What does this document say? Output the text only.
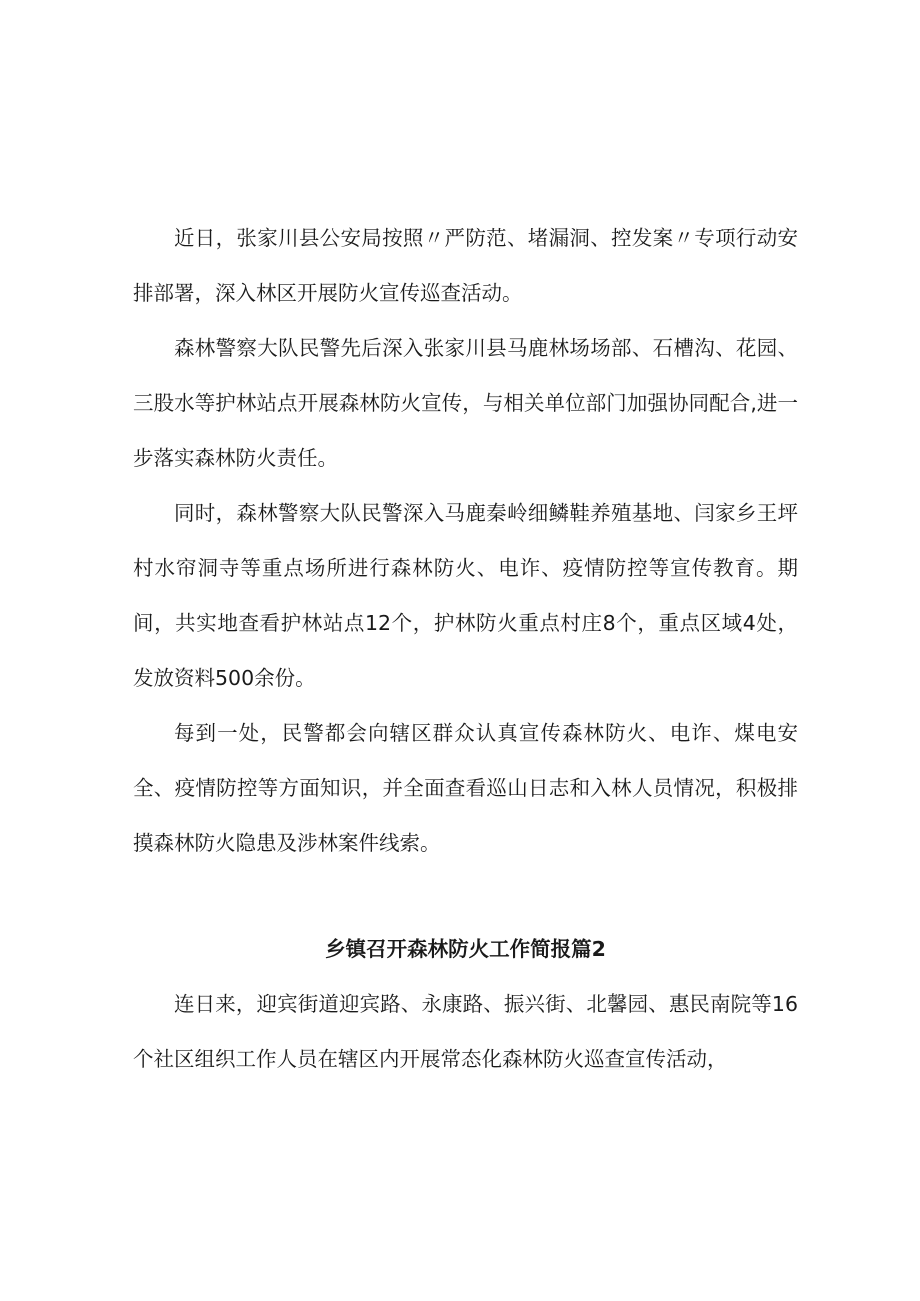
近日，张家川县公安局按照〃严防范、堵漏洞、控发案〃专项行动安排部署，深入林区开展防火宣传巡查活动。

森林警察大队民警先后深入张家川县马鹿林场场部、石槽沟、花园、三股水等护林站点开展森林防火宣传，与相关单位部门加强协同配合,进一步落实森林防火责任。

同时，森林警察大队民警深入马鹿秦岭细鳞鞋养殖基地、闫家乡王坪村水帘洞寺等重点场所进行森林防火、电诈、疫情防控等宣传教育。期间，共实地查看护林站点12个，护林防火重点村庄8个，重点区域4处，发放资料500余份。

每到一处，民警都会向辖区群众认真宣传森林防火、电诈、煤电安全、疫情防控等方面知识，并全面查看巡山日志和入林人员情况，积极排摸森林防火隐患及涉林案件线索。

乡镇召开森林防火工作简报篇2

连日来，迎宾街道迎宾路、永康路、振兴街、北馨园、惠民南院等16个社区组织工作人员在辖区内开展常态化森林防火巡查宣传活动，
